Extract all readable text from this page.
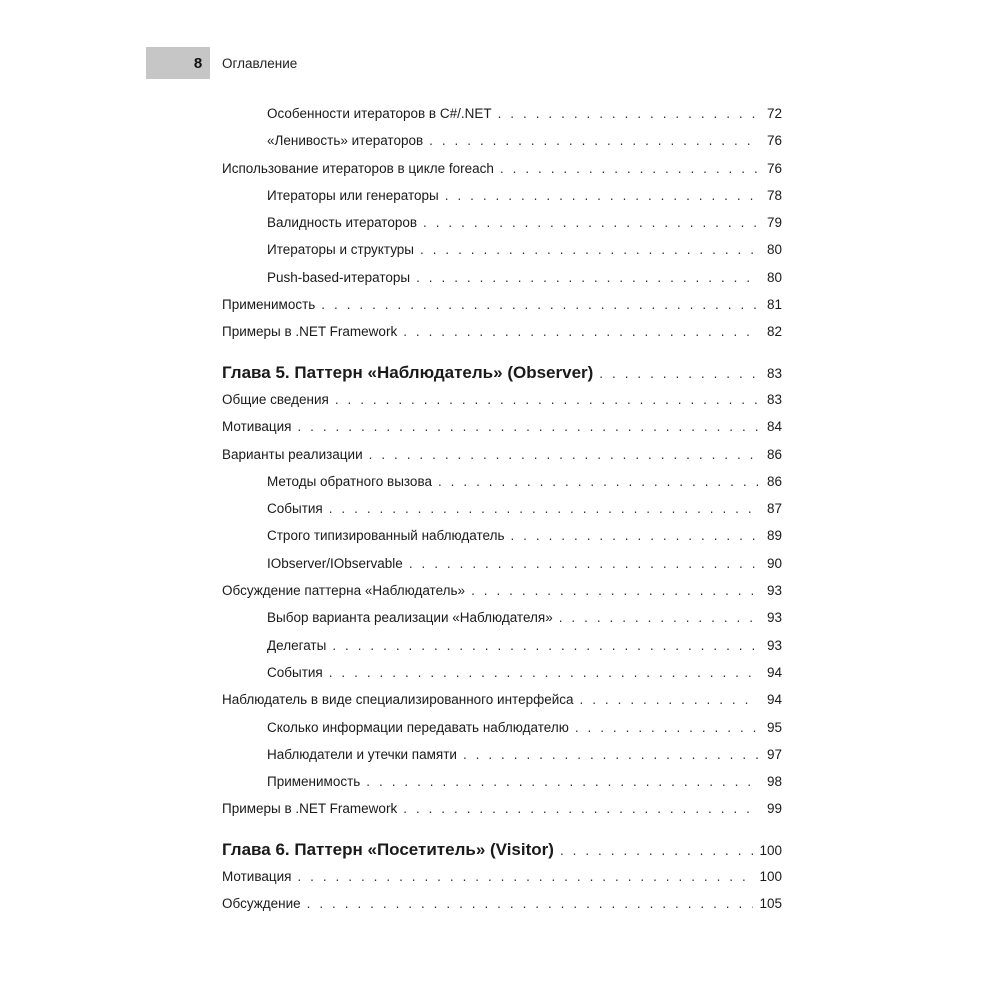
8	Оглавление
Особенности итераторов в C#/.NET . . .	72
«Ленивость» итераторов . . .	76
Использование итераторов в цикле foreach . . .	76
Итераторы или генераторы . . .	78
Валидность итераторов . . .	79
Итераторы и структуры . . .	80
Push-based-итераторы . . .	80
Применимость . . .	81
Примеры в .NET Framework . . .	82
Глава 5. Паттерн «Наблюдатель» (Observer) . . .	83
Общие сведения . . .	83
Мотивация . . .	84
Варианты реализации . . .	86
Методы обратного вызова . . .	86
События . . .	87
Строго типизированный наблюдатель . . .	89
IObserver/IObservable . . .	90
Обсуждение паттерна «Наблюдатель» . . .	93
Выбор варианта реализации «Наблюдателя» . . .	93
Делегаты . . .	93
События . . .	94
Наблюдатель в виде специализированного интерфейса . . .	94
Сколько информации передавать наблюдателю . . .	95
Наблюдатели и утечки памяти . . .	97
Применимость . . .	98
Примеры в .NET Framework . . .	99
Глава 6. Паттерн «Посетитель» (Visitor) . . .	100
Мотивация . . .	100
Обсуждение . . .	105
